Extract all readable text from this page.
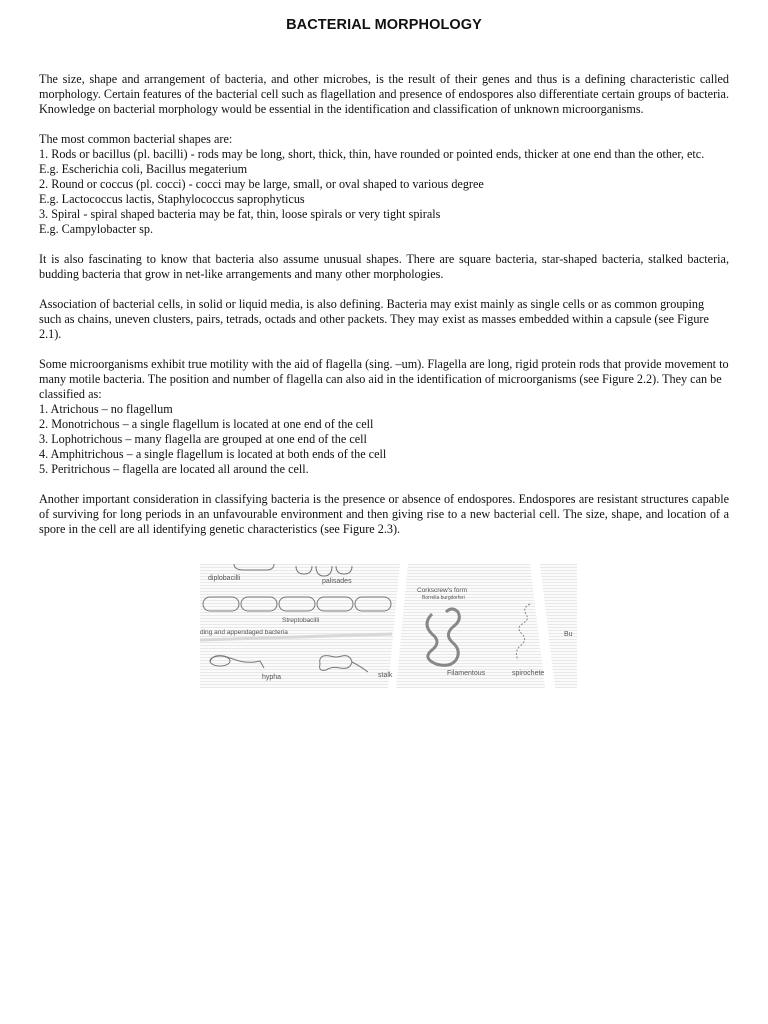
BACTERIAL MORPHOLOGY

The size, shape and arrangement of bacteria, and other microbes, is the result of their genes and thus is a defining characteristic called morphology. Certain features of the bacterial cell such as flagellation and presence of endospores also differentiate certain groups of bacteria. Knowledge on bacterial morphology would be essential in the identification and classification of unknown microorganisms.

The most common bacterial shapes are:
1. Rods or bacillus (pl. bacilli) - rods may be long, short, thick, thin, have rounded or pointed ends, thicker at one end than the other, etc.
E.g. Escherichia coli, Bacillus megaterium
2. Round or coccus (pl. cocci) - cocci may be large, small, or oval shaped to various degree
E.g. Lactococcus lactis, Staphylococcus saprophyticus
3. Spiral - spiral shaped bacteria may be fat, thin, loose spirals or very tight spirals
E.g. Campylobacter sp.

It is also fascinating to know that bacteria also assume unusual shapes. There are square bacteria, star-shaped bacteria, stalked bacteria, budding bacteria that grow in net-like arrangements and many other morphologies.

Association of bacterial cells, in solid or liquid media, is also defining. Bacteria may exist mainly as single cells or as common grouping such as chains, uneven clusters, pairs, tetrads, octads and other packets. They may exist as masses embedded within a capsule (see Figure 2.1).

Some microorganisms exhibit true motility with the aid of flagella (sing. –um). Flagella are long, rigid protein rods that provide movement to many motile bacteria. The position and number of flagella can also aid in the identification of microorganisms (see Figure 2.2). They can be classified as:
1. Atrichous – no flagellum
2. Monotrichous – a single flagellum is located at one end of the cell
3. Lophotrichous – many flagella are grouped at one end of the cell
4. Amphitrichous – a single flagellum is located at both ends of the cell
5. Peritrichous – flagella are located all around the cell.

Another important consideration in classifying bacteria is the presence or absence of endospores. Endospores are resistant structures capable of surviving for long periods in an unfavourable environment and then giving rise to a new bacterial cell. The size, shape, and location of a spore in the cell are all identifying genetic characteristics (see Figure 2.3).

diplobacilli	palisades
Streptobacilli
ding and appendaged bacteria
hypha	stalk
Corkscrew's form
Borrelia burgdorferi
Filamentous	spirochete
Bu
